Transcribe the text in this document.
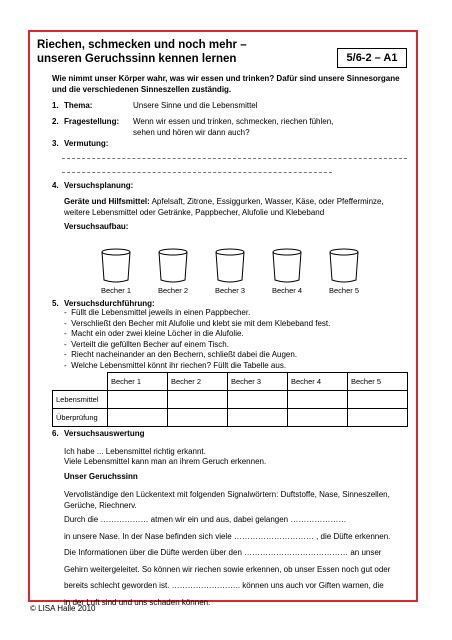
Riechen, schmecken und noch mehr –
unseren Geruchssinn kennen lernen	5/6-2 – A1
Wie nimmt unser Körper wahr, was wir essen und trinken? Dafür sind unsere Sinnesorgane und die verschiedenen Sinneszellen zuständig.
1. Thema:	Unsere Sinne und die Lebensmittel
2. Fragestellung: Wenn wir essen und trinken, schmecken, riechen fühlen, sehen und hören wir dann auch?
3. Vermutung:
4. Versuchsplanung:
Geräte und Hilfsmittel: Apfelsaft, Zitrone, Essiggurken, Wasser, Käse, oder Pfefferminze, weitere Lebensmittel oder Getränke, Pappbecher, Alufolie und Klebeband
Versuchsaufbau:
Becher 1	Becher 2	Becher 3	Becher 4	Becher 5
5. Versuchsdurchführung:
-  Füllt die Lebensmittel jeweils in einen Pappbecher.
-  Verschließt den Becher mit Alufolie und klebt sie mit dem Klebeband fest.
-  Macht ein oder zwei kleine Löcher in die Alufolie.
-  Verteilt die gefüllten Becher auf einem Tisch.
-  Riecht nacheinander an den Bechern, schließt dabei die Augen.
-  Welche Lebensmittel könnt ihr riechen? Füllt die Tabelle aus.
	Becher 1	Becher 2	Becher 3	Becher 4	Becher 5
Lebensmittel					
Überprüfung					
6. Versuchsauswertung
Ich habe ... Lebensmittel richtig erkannt.
Viele Lebensmittel kann man an ihrem Geruch erkennen.
Unser Geruchssinn
Vervollständige den Lückentext mit folgenden Signalwörtern: Duftstoffe, Nase, Sinneszellen, Gerüche, Riechnerv.
Durch die ……………… atmen wir ein und aus, dabei gelangen …………………
in unsere Nase. In der Nase befinden sich viele ………………………… , die Düfte erkennen.
Die Informationen über die Düfte werden über den ………………………………… an unser
Gehirn weitergeleitet. So können wir riechen sowie erkennen, ob unser Essen noch gut oder
bereits schlecht geworden ist. …………………….. können uns auch vor Giften warnen, die
in der Luft sind und uns schaden können.
© LISA Halle 2010
